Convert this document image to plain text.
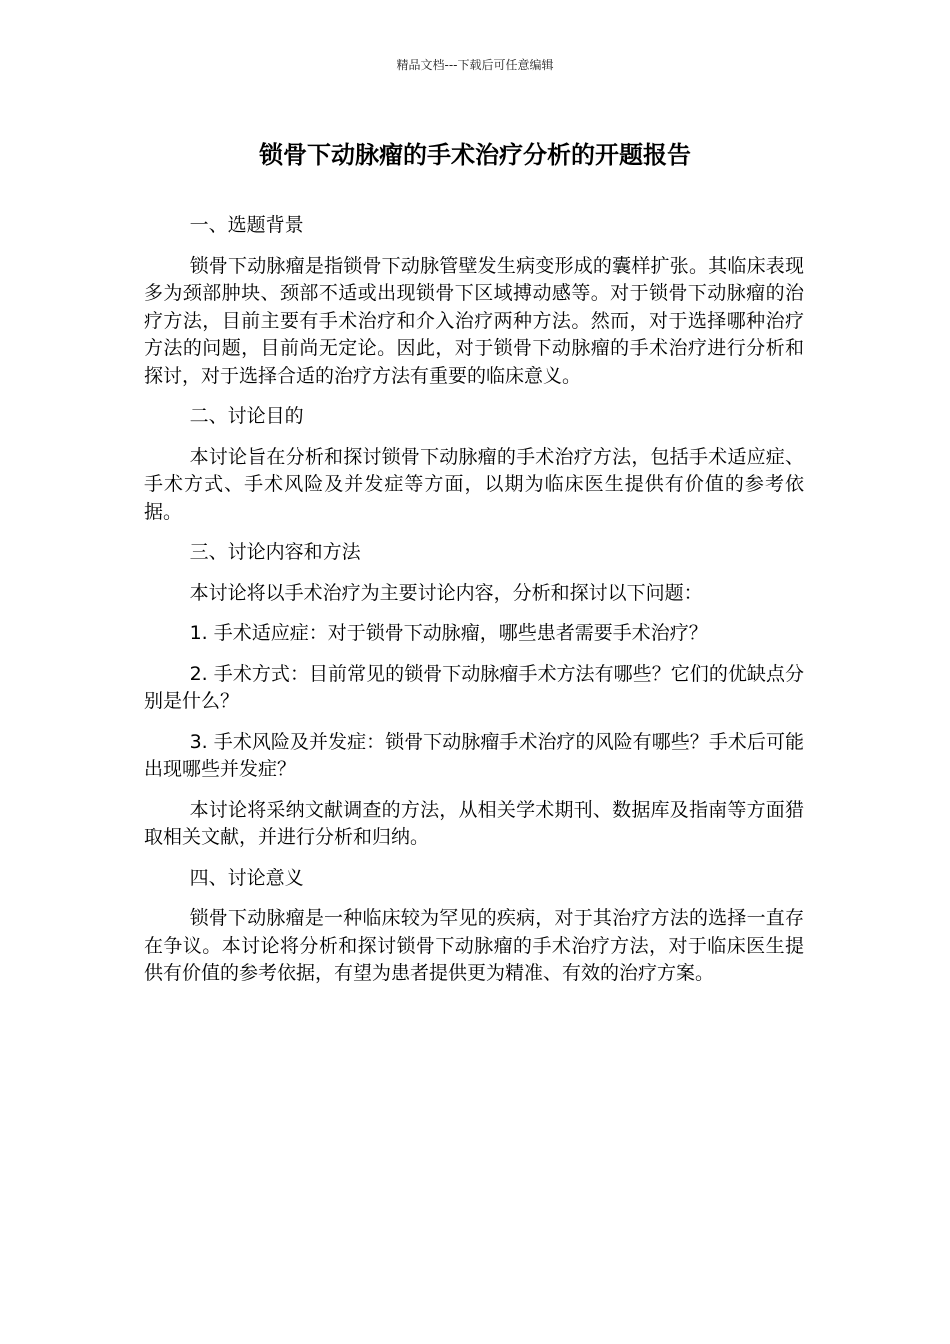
精品文档---下载后可任意编辑
锁骨下动脉瘤的手术治疗分析的开题报告

一、选题背景

锁骨下动脉瘤是指锁骨下动脉管壁发生病变形成的囊样扩张。其临床表现多为颈部肿块、颈部不适或出现锁骨下区域搏动感等。对于锁骨下动脉瘤的治疗方法，目前主要有手术治疗和介入治疗两种方法。然而，对于选择哪种治疗方法的问题，目前尚无定论。因此，对于锁骨下动脉瘤的手术治疗进行分析和探讨，对于选择合适的治疗方法有重要的临床意义。

二、讨论目的

本讨论旨在分析和探讨锁骨下动脉瘤的手术治疗方法，包括手术适应症、手术方式、手术风险及并发症等方面，以期为临床医生提供有价值的参考依据。

三、讨论内容和方法

本讨论将以手术治疗为主要讨论内容，分析和探讨以下问题：

1. 手术适应症：对于锁骨下动脉瘤，哪些患者需要手术治疗？

2. 手术方式：目前常见的锁骨下动脉瘤手术方法有哪些？它们的优缺点分别是什么？

3. 手术风险及并发症：锁骨下动脉瘤手术治疗的风险有哪些？手术后可能出现哪些并发症？

本讨论将采纳文献调查的方法，从相关学术期刊、数据库及指南等方面猎取相关文献，并进行分析和归纳。

四、讨论意义

锁骨下动脉瘤是一种临床较为罕见的疾病，对于其治疗方法的选择一直存在争议。本讨论将分析和探讨锁骨下动脉瘤的手术治疗方法，对于临床医生提供有价值的参考依据，有望为患者提供更为精准、有效的治疗方案。
